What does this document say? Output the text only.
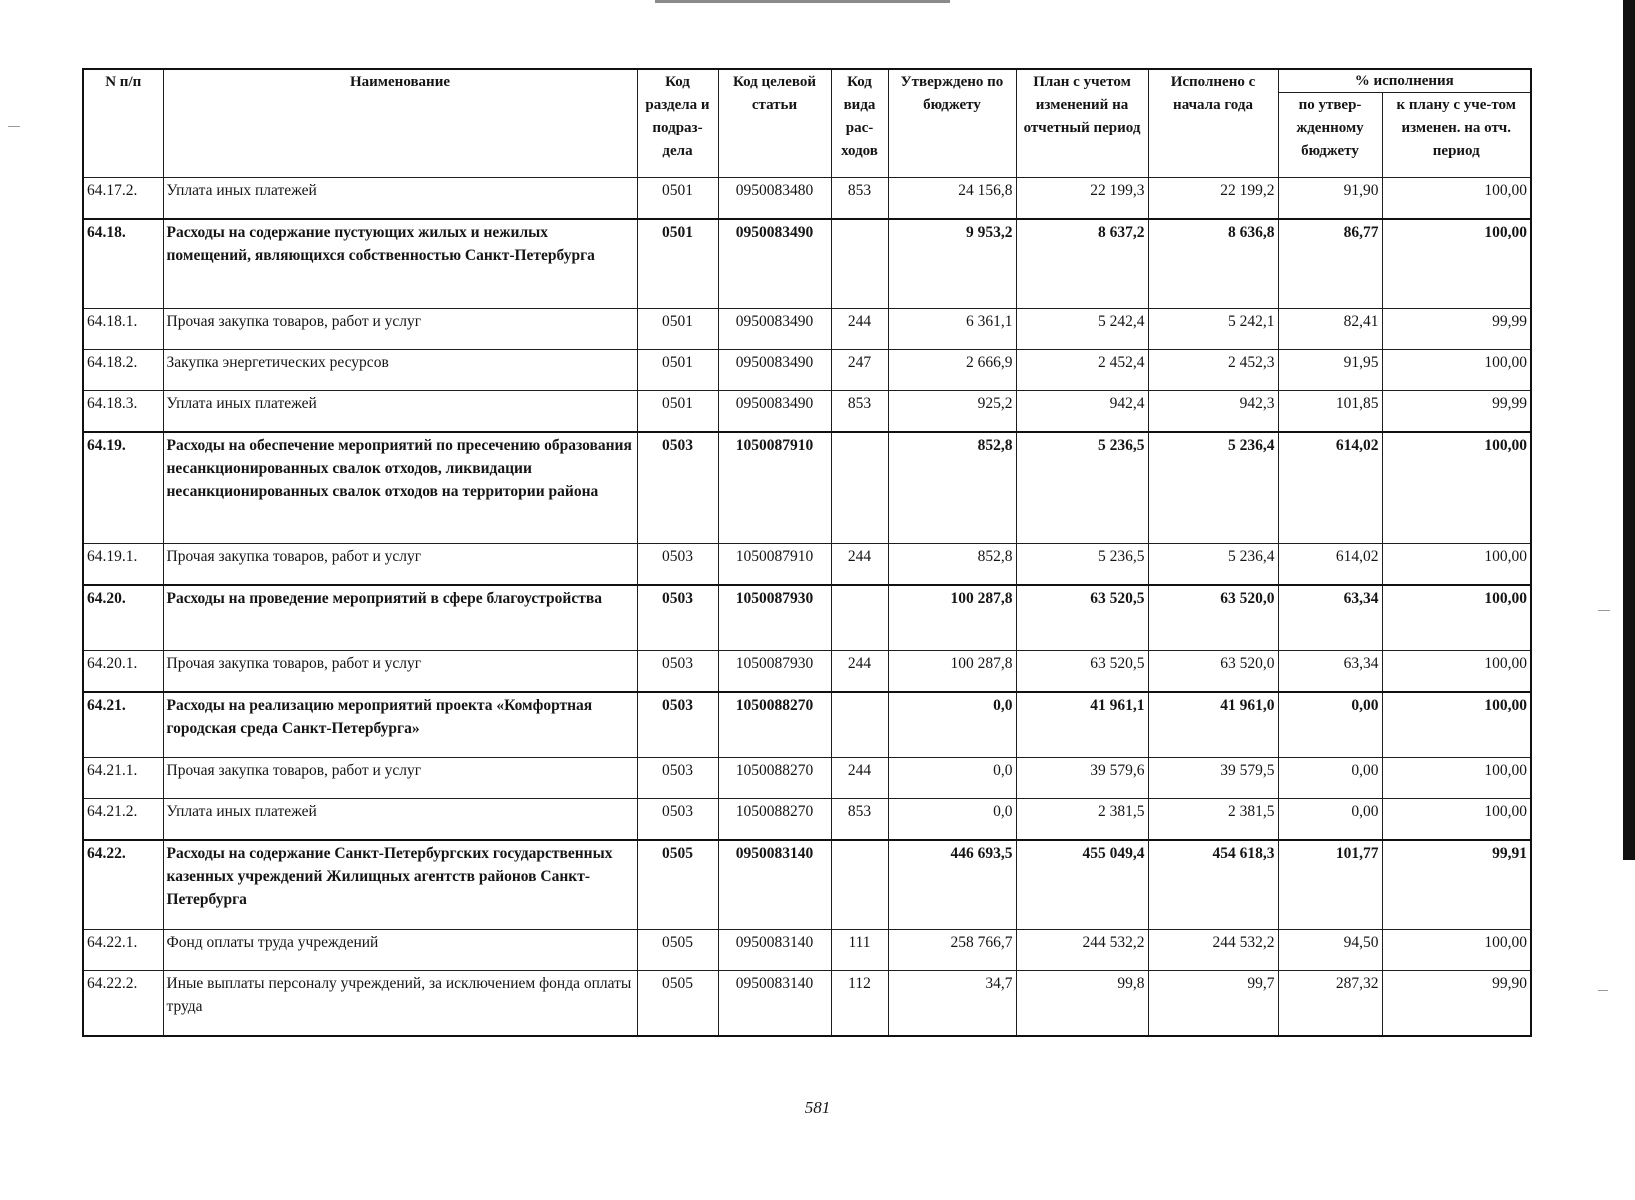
N п/п	Наименование	Код раздела и подраз-дела	Код целевой статьи	Код вида рас-ходов	Утверждено по бюджету	План с учетом изменений на отчетный период	Исполнено с начала года	% исполнения	
								по утвер-жденному бюджету	к плану с уче-том изменен. на отч. период
64.17.2.	Уплата иных платежей	0501	0950083480	853	24 156,8	22 199,3	22 199,2	91,90	100,00
64.18.	Расходы на содержание пустующих жилых и нежилых помещений, являющихся собственностью Санкт-Петербурга	0501	0950083490		9 953,2	8 637,2	8 636,8	86,77	100,00
64.18.1.	Прочая закупка товаров, работ и услуг	0501	0950083490	244	6 361,1	5 242,4	5 242,1	82,41	99,99
64.18.2.	Закупка энергетических ресурсов	0501	0950083490	247	2 666,9	2 452,4	2 452,3	91,95	100,00
64.18.3.	Уплата иных платежей	0501	0950083490	853	925,2	942,4	942,3	101,85	99,99
64.19.	Расходы на обеспечение мероприятий по пресечению образования несанкционированных свалок отходов, ликвидации несанкционированных свалок отходов на территории района	0503	1050087910		852,8	5 236,5	5 236,4	614,02	100,00
64.19.1.	Прочая закупка товаров, работ и услуг	0503	1050087910	244	852,8	5 236,5	5 236,4	614,02	100,00
64.20.	Расходы на проведение мероприятий в сфере благоустройства	0503	1050087930		100 287,8	63 520,5	63 520,0	63,34	100,00
64.20.1.	Прочая закупка товаров, работ и услуг	0503	1050087930	244	100 287,8	63 520,5	63 520,0	63,34	100,00
64.21.	Расходы на реализацию мероприятий проекта «Комфортная городская среда Санкт-Петербурга»	0503	1050088270		0,0	41 961,1	41 961,0	0,00	100,00
64.21.1.	Прочая закупка товаров, работ и услуг	0503	1050088270	244	0,0	39 579,6	39 579,5	0,00	100,00
64.21.2.	Уплата иных платежей	0503	1050088270	853	0,0	2 381,5	2 381,5	0,00	100,00
64.22.	Расходы на содержание Санкт-Петербургских государственных казенных учреждений Жилищных агентств районов Санкт-Петербурга	0505	0950083140		446 693,5	455 049,4	454 618,3	101,77	99,91
64.22.1.	Фонд оплаты труда учреждений	0505	0950083140	111	258 766,7	244 532,2	244 532,2	94,50	100,00
64.22.2.	Иные выплаты персоналу учреждений, за исключением фонда оплаты труда	0505	0950083140	112	34,7	99,8	99,7	287,32	99,90
581
